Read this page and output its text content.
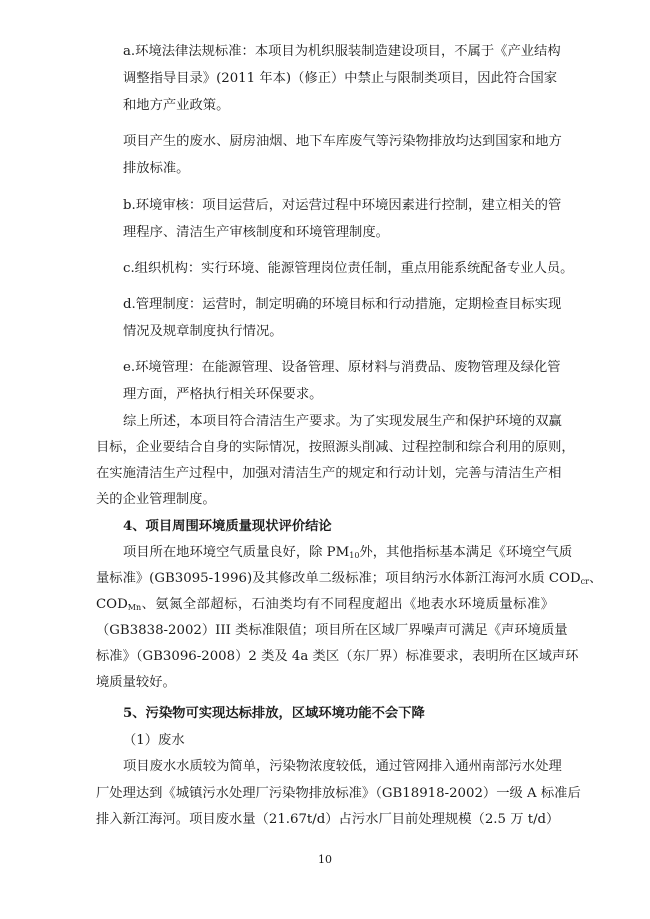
a.环境法律法规标准：本项目为机织服装制造建设项目，不属于《产业结构
调整指导目录》(2011 年本)（修正）中禁止与限制类项目，因此符合国家
和地方产业政策。
项目产生的废水、厨房油烟、地下车库废气等污染物排放均达到国家和地方
排放标准。
b.环境审核：项目运营后，对运营过程中环境因素进行控制，建立相关的管
理程序、清洁生产审核制度和环境管理制度。
c.组织机构：实行环境、能源管理岗位责任制，重点用能系统配备专业人员。
d.管理制度：运营时，制定明确的环境目标和行动措施，定期检查目标实现
情况及规章制度执行情况。
e.环境管理：在能源管理、设备管理、原材料与消费品、废物管理及绿化管
理方面，严格执行相关环保要求。
综上所述，本项目符合清洁生产要求。为了实现发展生产和保护环境的双赢
目标，企业要结合自身的实际情况，按照源头削减、过程控制和综合利用的原则，
在实施清洁生产过程中，加强对清洁生产的规定和行动计划，完善与清洁生产相
关的企业管理制度。
4、项目周围环境质量现状评价结论
项目所在地环境空气质量良好，除 $PM_{10}$外，其他指标基本满足《环境空气质
量标准》(GB3095-1996)及其修改单二级标准；项目纳污水体新江海河水质 $COD_{cr}$、
$COD_{Mn}$、氨氮全部超标，石油类均有不同程度超出《地表水环境质量标准》
（GB3838-2002）III 类标准限值；项目所在区域厂界噪声可满足《声环境质量
标准》（GB3096-2008）2 类及 4a 类区（东厂界）标准要求，表明所在区域声环
境质量较好。
5、污染物可实现达标排放，区域环境功能不会下降
（1）废水
项目废水水质较为简单，污染物浓度较低，通过管网排入通州南部污水处理
厂处理达到《城镇污水处理厂污染物排放标准》（GB18918-2002）一级 A 标准后
排入新江海河。项目废水量（21.67t/d）占污水厂目前处理规模（2.5 万 t/d）
10
